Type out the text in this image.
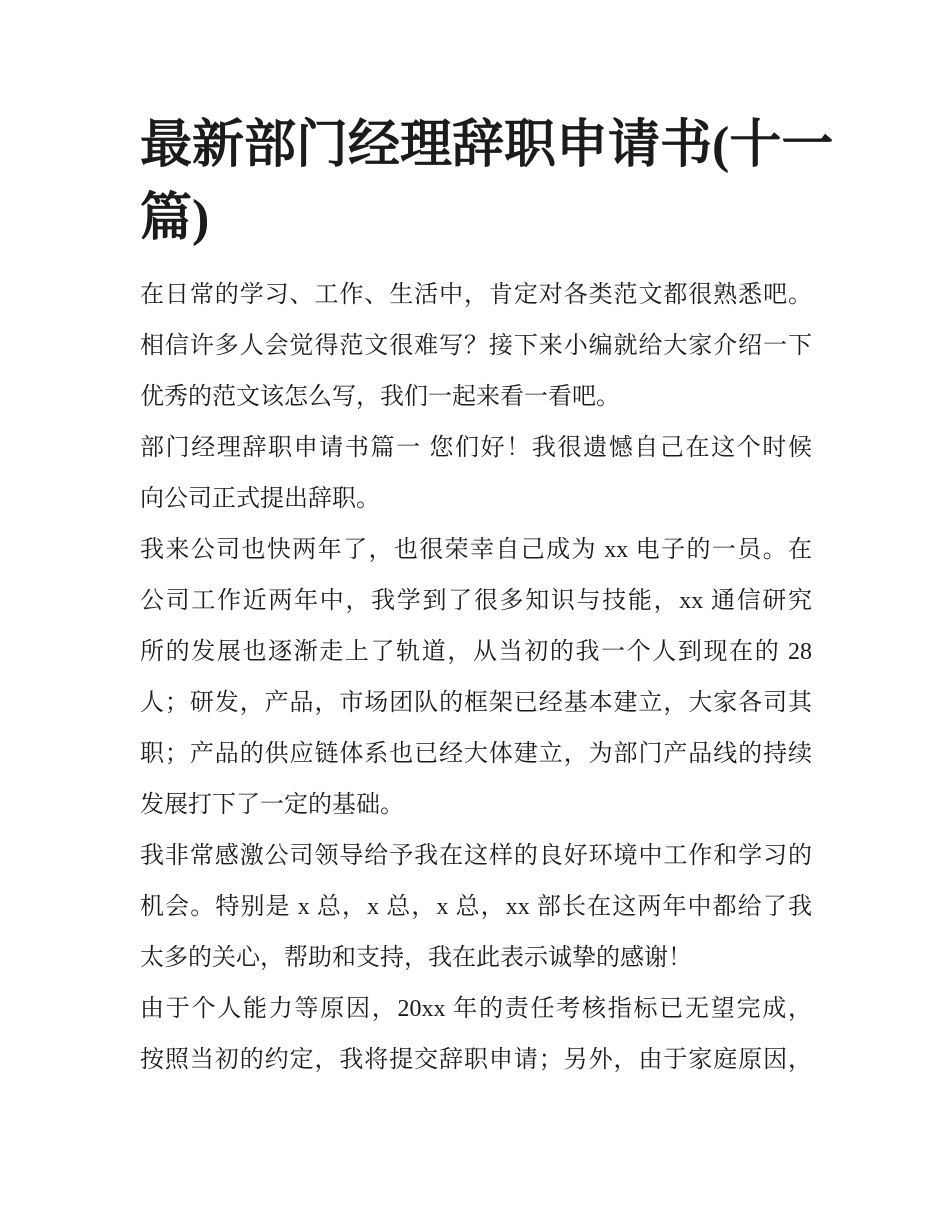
最新部门经理辞职申请书(十一
篇)
在日常的学习、工作、生活中，肯定对各类范文都很熟悉吧。
相信许多人会觉得范文很难写？接下来小编就给大家介绍一下
优秀的范文该怎么写，我们一起来看一看吧。
部门经理辞职申请书篇一 您们好！我很遗憾自己在这个时候
向公司正式提出辞职。
我来公司也快两年了，也很荣幸自己成为 xx 电子的一员。在
公司工作近两年中，我学到了很多知识与技能，xx 通信研究
所的发展也逐渐走上了轨道，从当初的我一个人到现在的 28
人；研发，产品，市场团队的框架已经基本建立，大家各司其
职；产品的供应链体系也已经大体建立，为部门产品线的持续
发展打下了一定的基础。
我非常感激公司领导给予我在这样的良好环境中工作和学习的
机会。特别是 x 总，x 总，x 总，xx 部长在这两年中都给了我
太多的关心，帮助和支持，我在此表示诚挚的感谢！
由于个人能力等原因，20xx 年的责任考核指标已无望完成，
按照当初的约定，我将提交辞职申请；另外，由于家庭原因，
